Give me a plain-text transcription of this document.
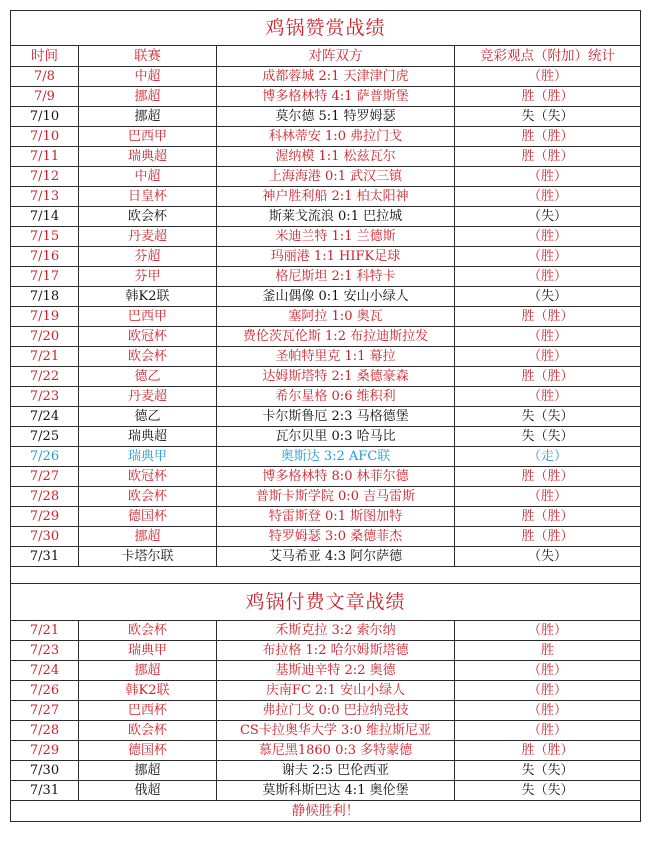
鸡锅赞赏战绩			
时间	联赛	对阵双方	竞彩观点（附加）统计
7/8	中超	成都蓉城 2:1 天津津门虎	（胜）
7/9	挪超	博多格林特 4:1 萨普斯堡	胜（胜）
7/10	挪超	莫尔德 5:1 特罗姆瑟	失（失）
7/10	巴西甲	科林蒂安 1:0 弗拉门戈	胜（胜）
7/11	瑞典超	渥纳模 1:1 松兹瓦尔	胜（胜）
7/12	中超	上海海港 0:1 武汉三镇	（胜）
7/13	日皇杯	神户胜利船 2:1 柏太阳神	（胜）
7/14	欧会杯	斯莱戈流浪 0:1 巴拉城	（失）
7/15	丹麦超	米迪兰特 1:1 兰德斯	（胜）
7/16	芬超	玛丽港 1:1 HIFK足球	（胜）
7/17	芬甲	格尼斯坦 2:1 科特卡	（胜）
7/18	韩K2联	釜山偶像 0:1 安山小绿人	（失）
7/19	巴西甲	塞阿拉 1:0 奥瓦	胜（胜）
7/20	欧冠杯	费伦茨瓦伦斯 1:2 布拉迪斯拉发	（胜）
7/21	欧会杯	圣帕特里克 1:1 幕拉	（胜）
7/22	德乙	达姆斯塔特 2:1 桑德豪森	胜（胜）
7/23	丹麦超	希尔星格 0:6 维积利	（胜）
7/24	德乙	卡尔斯鲁厄 2:3 马格德堡	失（失）
7/25	瑞典超	瓦尔贝里 0:3 哈马比	失（失）
7/26	瑞典甲	奥斯达 3:2 AFC联	（走）
7/27	欧冠杯	博多格林特 8:0 林菲尔德	胜（胜）
7/28	欧会杯	普斯卡斯学院 0:0 吉马雷斯	（胜）
7/29	德国杯	特雷斯登 0:1 斯图加特	胜（胜）
7/30	挪超	特罗姆瑟 3:0 桑德菲杰	胜（胜）
7/31	卡塔尔联	艾马希亚 4:3 阿尔萨德	（失）

鸡锅付费文章战绩			
7/21	欧会杯	禾斯克拉 3:2 索尔纳	（胜）
7/23	瑞典甲	布拉格 1:2 哈尔姆斯塔德	胜
7/24	挪超	基斯迪辛特 2:2 奥德	（胜）
7/26	韩K2联	庆南FC 2:1 安山小绿人	（胜）
7/27	巴西杯	弗拉门戈 0:0 巴拉纳竞技	（胜）
7/28	欧会杯	CS卡拉奥华大学 3:0 维拉斯尼亚	（胜）
7/29	德国杯	慕尼黑1860 0:3 多特蒙德	胜（胜）
7/30	挪超	谢夫 2:5 巴伦西亚	失（失）
7/31	俄超	莫斯科斯巴达 4:1 奥伦堡	失（失）
静候胜利！			
